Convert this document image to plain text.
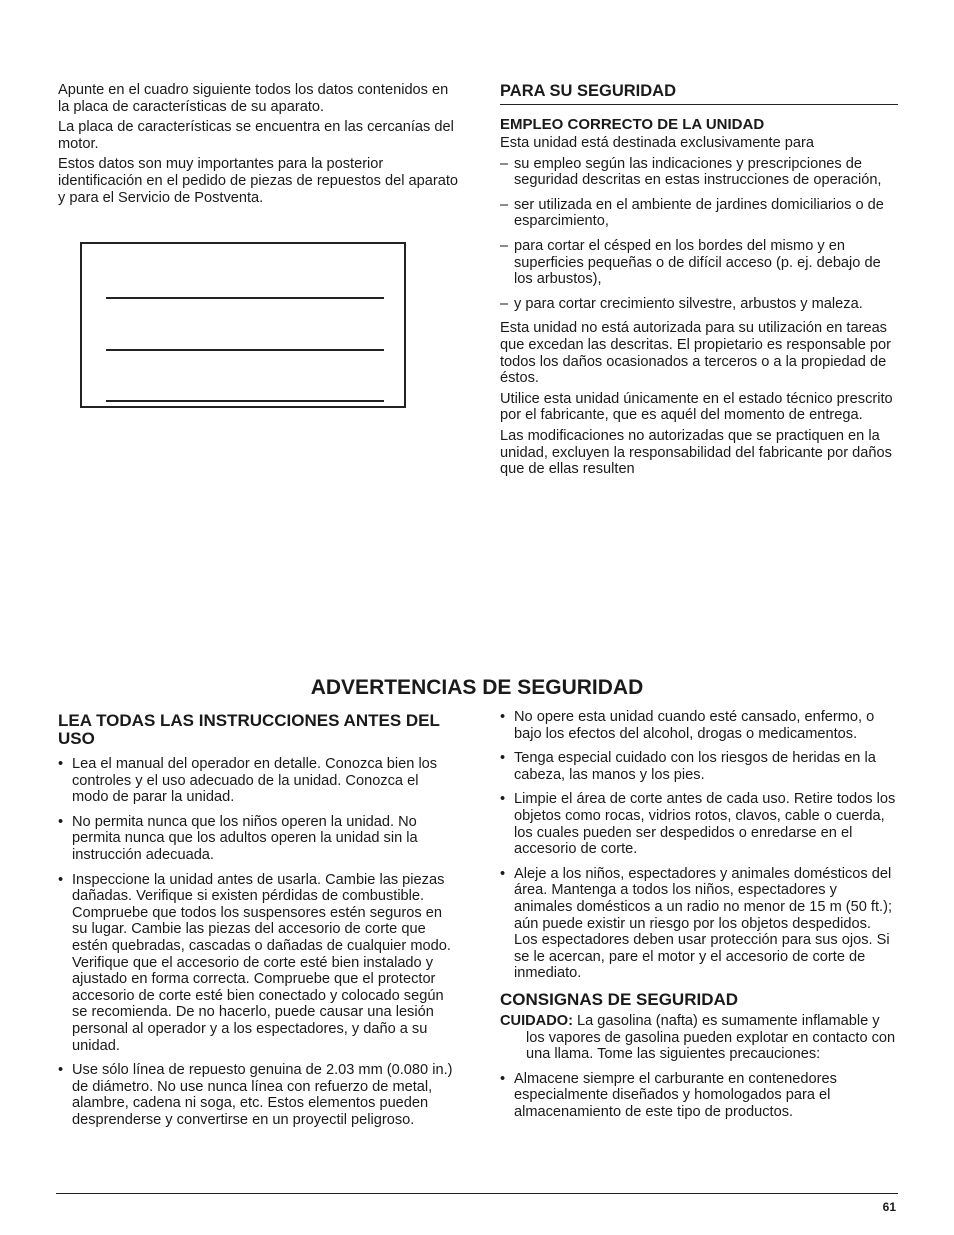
Apunte en el cuadro siguiente todos los datos contenidos en la placa de características de su aparato.

La placa de características se encuentra en las cercanías del motor.

Estos datos son muy importantes para la posterior identificación en el pedido de piezas de repuestos del aparato y para el Servicio de Postventa.

PARA SU SEGURIDAD
EMPLEO CORRECTO DE LA UNIDAD

Esta unidad está destinada exclusivamente para

– su empleo según las indicaciones y prescripciones de seguridad descritas en estas instrucciones de operación,
– ser utilizada en el ambiente de jardines domiciliarios o de esparcimiento,
– para cortar el césped en los bordes del mismo y en superficies pequeñas o de difícil acceso (p. ej. debajo de los arbustos),
– y para cortar crecimiento silvestre, arbustos y maleza.

Esta unidad no está autorizada para su utilización en tareas que excedan las descritas. El propietario es responsable por todos los daños ocasionados a terceros o a la propiedad de éstos.

Utilice esta unidad únicamente en el estado técnico prescrito por el fabricante, que es aquél del momento de entrega.

Las modificaciones no autorizadas que se practiquen en la unidad, excluyen la responsabilidad del fabricante por daños que de ellas resulten

ADVERTENCIAS DE SEGURIDAD
LEA TODAS LAS INSTRUCCIONES ANTES DEL USO
• Lea el manual del operador en detalle. Conozca bien los controles y el uso adecuado de la unidad. Conozca el modo de parar la unidad.
• No permita nunca que los niños operen la unidad. No permita nunca que los adultos operen la unidad sin la instrucción adecuada.
• Inspeccione la unidad antes de usarla. Cambie las piezas dañadas. Verifique si existen pérdidas de combustible. Compruebe que todos los suspensores estén seguros en su lugar. Cambie las piezas del accesorio de corte que estén quebradas, cascadas o dañadas de cualquier modo. Verifique que el accesorio de corte esté bien instalado y ajustado en forma correcta. Compruebe que el protector accesorio de corte esté bien conectado y colocado según se recomienda. De no hacerlo, puede causar una lesión personal al operador y a los espectadores, y daño a su unidad.
• Use sólo línea de repuesto genuina de 2.03 mm (0.080 in.) de diámetro. No use nunca línea con refuerzo de metal, alambre, cadena ni soga, etc. Estos elementos pueden desprenderse y convertirse en un proyectil peligroso.
• No opere esta unidad cuando esté cansado, enfermo, o bajo los efectos del alcohol, drogas o medicamentos.
• Tenga especial cuidado con los riesgos de heridas en la cabeza, las manos y los pies.
• Limpie el área de corte antes de cada uso. Retire todos los objetos como rocas, vidrios rotos, clavos, cable o cuerda, los cuales pueden ser despedidos o enredarse en el accesorio de corte.
• Aleje a los niños, espectadores y animales domésticos del área. Mantenga a todos los niños, espectadores y animales domésticos a un radio no menor de 15 m (50 ft.); aún puede existir un riesgo por los objetos despedidos. Los espectadores deben usar protección para sus ojos. Si se le acercan, pare el motor y el accesorio de corte de inmediato.
CONSIGNAS DE SEGURIDAD

CUIDADO: La gasolina (nafta) es sumamente inflamable y los vapores de gasolina pueden explotar en contacto con una llama. Tome las siguientes precauciones:

• Almacene siempre el carburante en contenedores especialmente diseñados y homologados para el almacenamiento de este tipo de productos.
61
